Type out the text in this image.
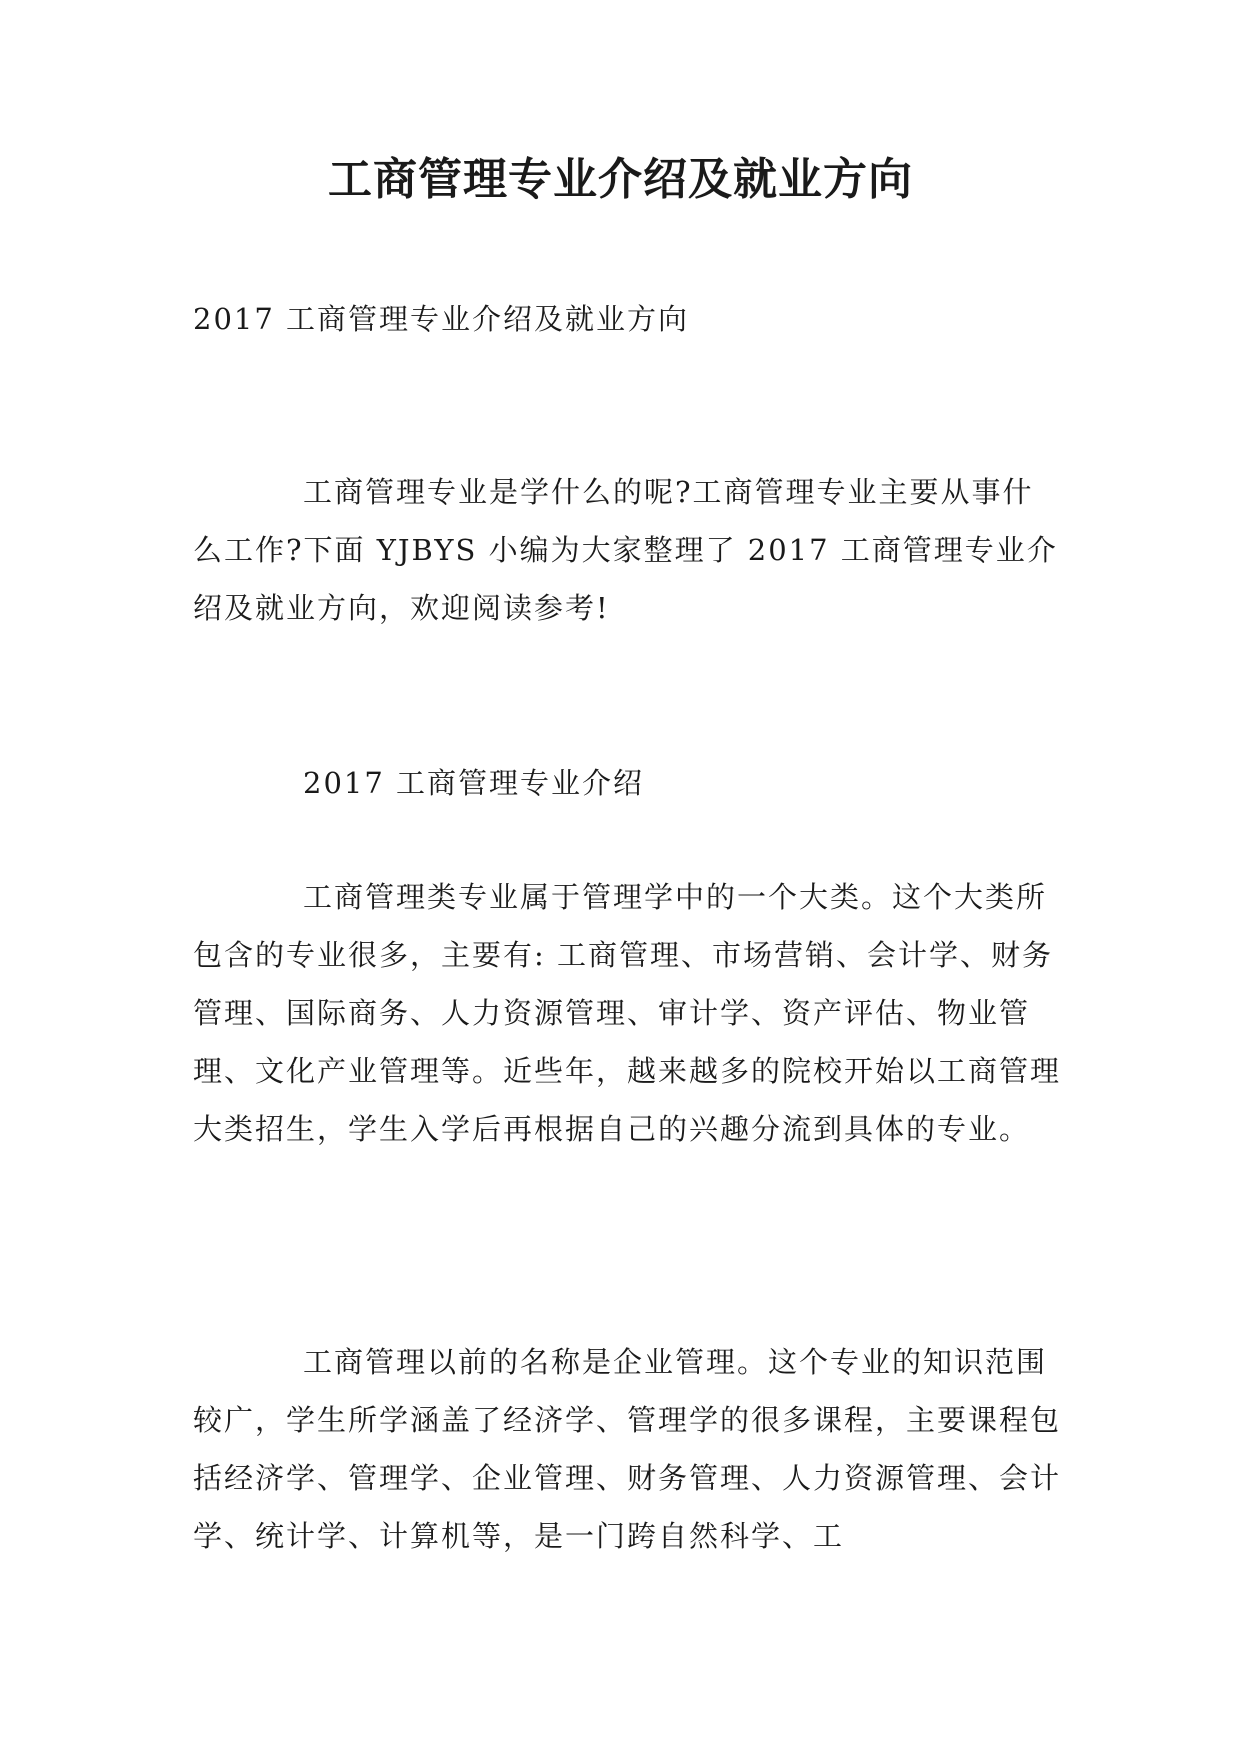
工商管理专业介绍及就业方向

2017 工商管理专业介绍及就业方向

工商管理专业是学什么的呢?工商管理专业主要从事什么工作?下面 YJBYS 小编为大家整理了 2017 工商管理专业介绍及就业方向，欢迎阅读参考!

2017 工商管理专业介绍

工商管理类专业属于管理学中的一个大类。这个大类所包含的专业很多，主要有: 工商管理、市场营销、会计学、财务管理、国际商务、人力资源管理、审计学、资产评估、物业管理、文化产业管理等。近些年，越来越多的院校开始以工商管理大类招生，学生入学后再根据自己的兴趣分流到具体的专业。

工商管理以前的名称是企业管理。这个专业的知识范围较广，学生所学涵盖了经济学、管理学的很多课程，主要课程包括经济学、管理学、企业管理、财务管理、人力资源管理、会计学、统计学、计算机等，是一门跨自然科学、工
